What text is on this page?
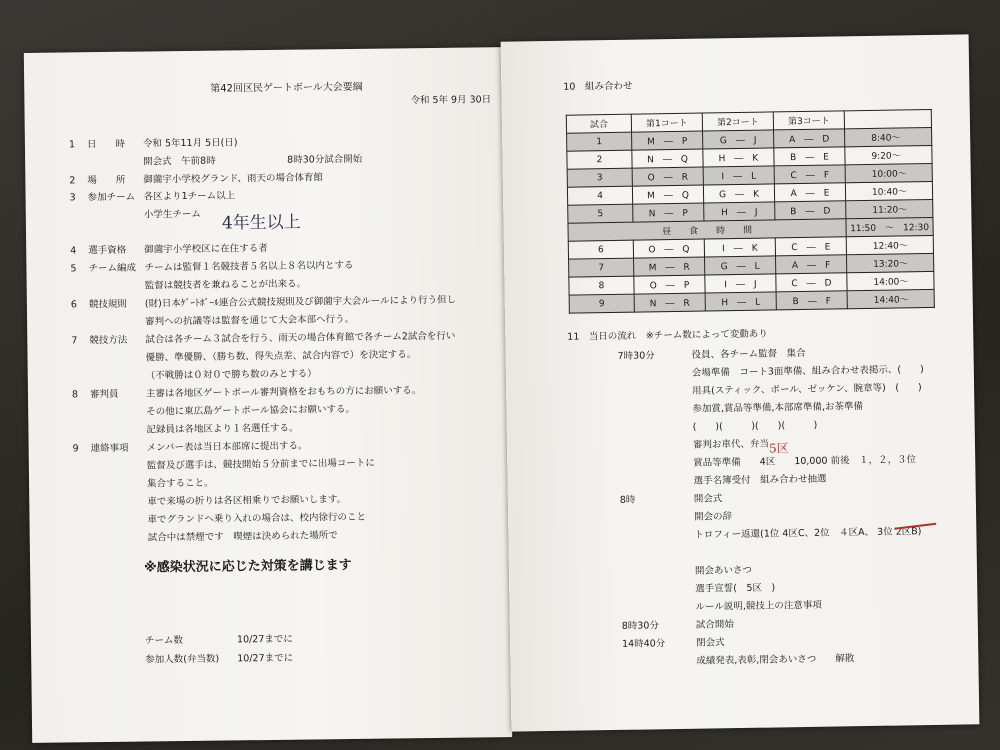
第42回区民ゲートボール大会要綱
令和 5年 9月 30日
1 日　　時 令和 5年11月 5日(日)
開会式　午前8時	8時30分試合開始
2 場　　所 御薗宇小学校グランド、雨天の場合体育館
3 参加チーム 各区より1チーム以上
小学生チーム
4 選手資格 御薗宇小学校区に在住する者
5 チーム編成 チームは監督１名競技者５名以上８名以内とする
監督は競技者を兼ねることが出来る。
6 競技規則 (財)日本ｹﾞｰﾄﾎﾞｰﾙ連合公式競技規則及び御薗宇大会ルールにより行う但し
審判への抗議等は監督を通じて大会本部へ行う。
7 競技方法 試合は各チーム３試合を行う、雨天の場合体育館で各チーム2試合を行い
優勝、準優勝、（勝ち数、得失点差、試合内容で）を決定する。
（不戦勝は０対０で勝ち数のみとする）
8 審判員	主審は各地区ゲートボール審判資格をおもちの方にお願いする。
その他に東広島ゲートボール協会にお願いする。
記録員は各地区より１名選任する。
9 連絡事項 メンバー表は当日本部席に提出する。
監督及び選手は、競技開始５分前までに出場コートに
集合すること。
車で来場の折りは各区相乗りでお願いします。
車でグランドへ乗り入れの場合は、校内徐行のこと
試合中は禁煙です　喫煙は決められた場所で
4年生以上
※感染状況に応じた対策を講じます
チーム数	10/27までに
参加人数(弁当数) 10/27までに
10　組み合わせ
試合	第1コート	第2コート	第3コート	
1	M　―　P	G　―　J	A　―　D	8:40～
2	N　―　Q	H　―　K	B　―　E	9:20～
3	O　―　R	I　―　L	C　―　F	10:00～
4	M　―　Q	G　―　K	A　―　E	10:40～
5	N　―　P	H　―　J	B　―　D	11:20～
昼　　食　　時　　間				11:50　～　12:30
6	O　―　Q	I　―　K	C　―　E	12:40～
7	M　―　R	G　―　L	A　―　F	13:20～
8	O　―　P	I　―　J	C　―　D	14:00～
9	N　―　R	H　―　L	B　―　F	14:40～
11　当日の流れ　※チーム数によって変動あり
7時30分	役員、各チーム監督　集合
会場準備　コート3面準備、組み合わせ表掲示、(　　)
用具(スティック、ボール、ゼッケン、腕章等)　(　　)
参加賞,賞品等準備,本部席準備,お茶準備
(　　)(　　　)(　　)(　　　)
審判お車代、弁当
賞品等準備　　4区　　10,000 前後　１，２，３位
選手名簿受付　組み合わせ抽選
8時	開会式
開会の辞
トロフィー返還(1位 4区C、2位　４区A、 3位 2区B)
開会あいさつ
選手宣誓(　5区　)
ルール説明,競技上の注意事項
8時30分	試合開始
14時40分	閉会式
成績発表,表彰,閉会あいさつ　　解散
5区
